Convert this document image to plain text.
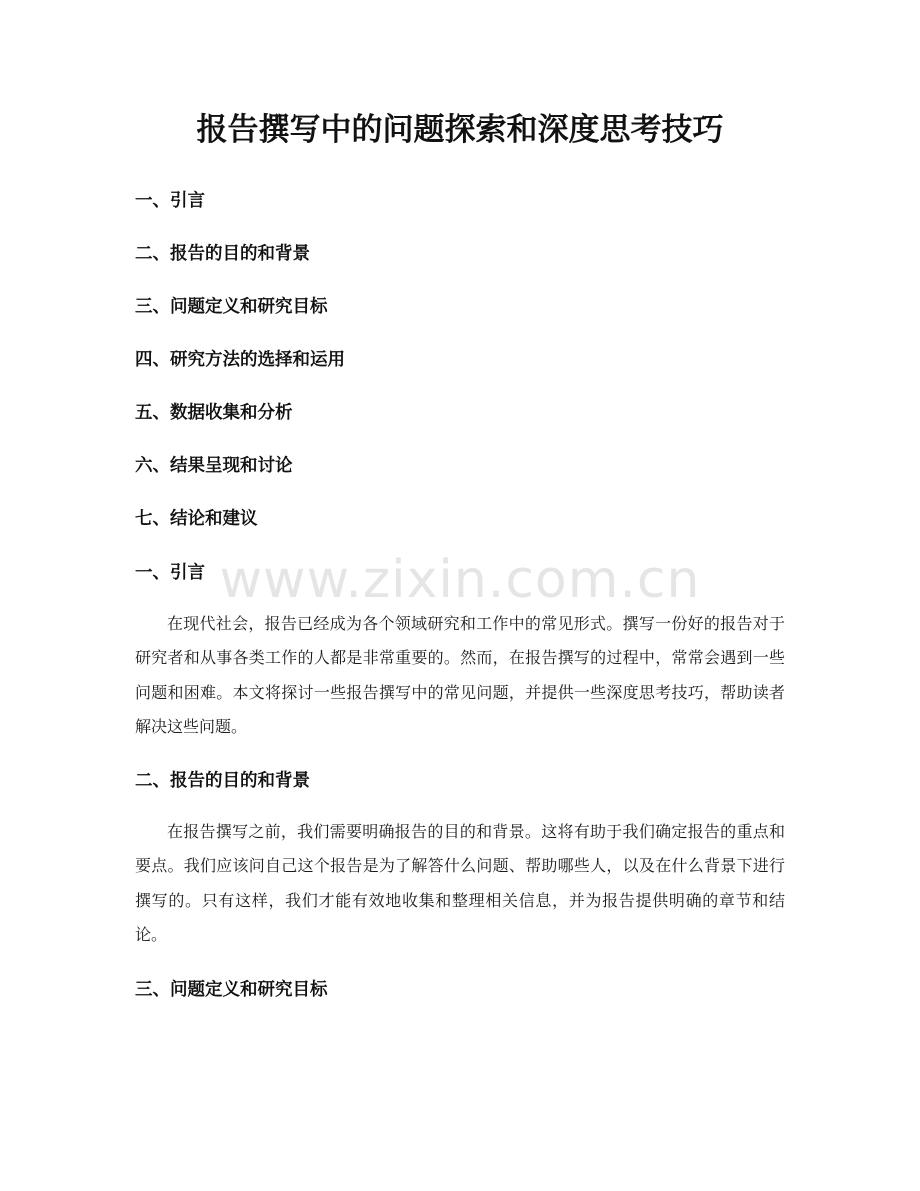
报告撰写中的问题探索和深度思考技巧
一、引言
二、报告的目的和背景
三、问题定义和研究目标
四、研究方法的选择和运用
五、数据收集和分析
六、结果呈现和讨论
七、结论和建议
一、引言

在现代社会，报告已经成为各个领域研究和工作中的常见形式。撰写一份好的报告对于研究者和从事各类工作的人都是非常重要的。然而，在报告撰写的过程中，常常会遇到一些问题和困难。本文将探讨一些报告撰写中的常见问题，并提供一些深度思考技巧，帮助读者解决这些问题。

二、报告的目的和背景

在报告撰写之前，我们需要明确报告的目的和背景。这将有助于我们确定报告的重点和要点。我们应该问自己这个报告是为了解答什么问题、帮助哪些人，以及在什么背景下进行撰写的。只有这样，我们才能有效地收集和整理相关信息，并为报告提供明确的章节和结论。

三、问题定义和研究目标
www.zixin.com.cn
